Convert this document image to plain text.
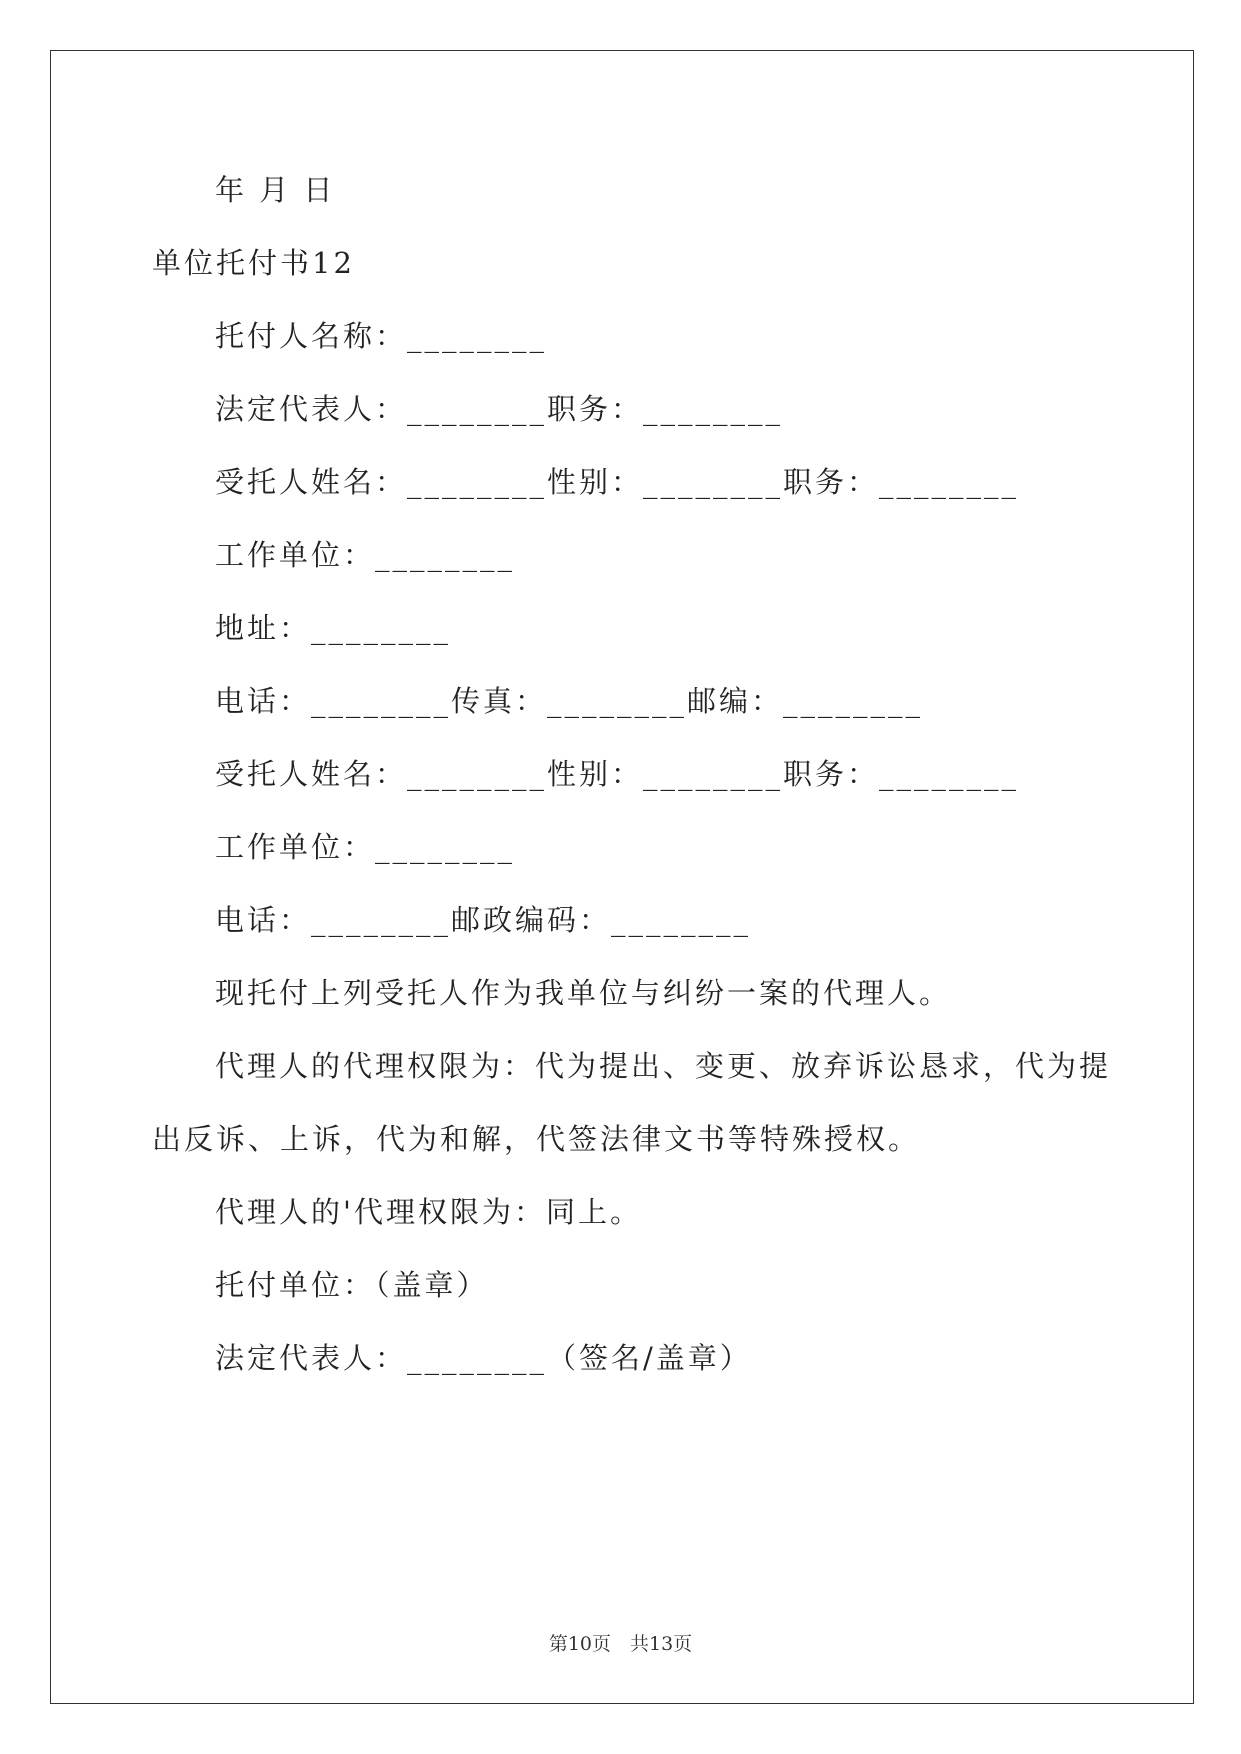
年 月 日
单位托付书12
托付人名称：________
法定代表人：________职务：________
受托人姓名：________性别：________职务：________
工作单位：________
地址：________
电话：________传真：________邮编：________
受托人姓名：________性别：________职务：________
工作单位：________
电话：________邮政编码：________
现托付上列受托人作为我单位与纠纷一案的代理人。
代理人的代理权限为：代为提出、变更、放弃诉讼恳求，代为提
出反诉、上诉，代为和解，代签法律文书等特殊授权。
代理人的'代理权限为：同上。
托付单位：（盖章）
法定代表人：________（签名/盖章）
第10页　共13页
